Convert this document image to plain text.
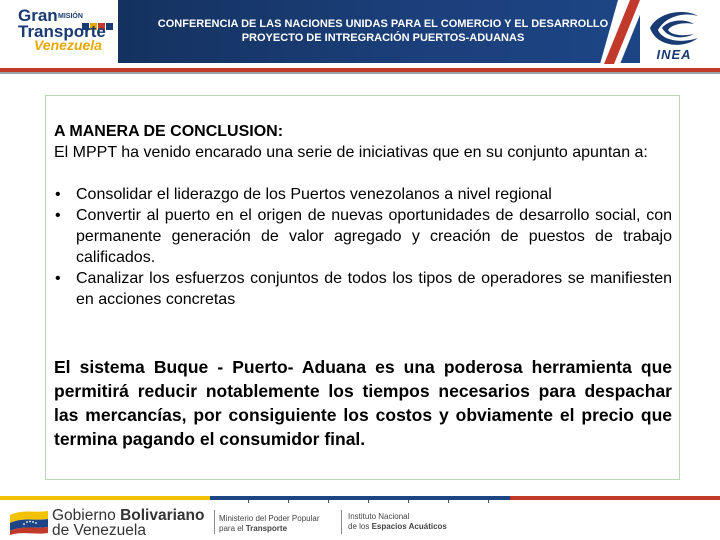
CONFERENCIA DE LAS NACIONES UNIDAS PARA EL COMERCIO Y EL DESARROLLO
PROYECTO DE INTREGRACIÓN PUERTOS-ADUANAS
Gran MISIÓN
Transporte
Venezuela
INEA
A MANERA DE CONCLUSION:
El MPPT ha venido encarado una serie de iniciativas que en su conjunto apuntan a:
• Consolidar el liderazgo de los Puertos venezolanos a nivel regional
• Convertir al puerto en el origen de nuevas oportunidades de desarrollo social, con permanente generación de valor agregado y creación de puestos de trabajo calificados.
• Canalizar los esfuerzos conjuntos de todos los tipos de operadores se manifiesten en acciones concretas
El sistema Buque - Puerto- Aduana es una poderosa herramienta que permitirá reducir notablemente los tiempos necesarios para despachar las mercancías, por consiguiente los costos y obviamente el precio que termina pagando el consumidor final.
Gobierno Bolivariano
de Venezuela
Ministerio del Poder Popular
para el Transporte
Instituto Nacional
de los Espacios Acuáticos
